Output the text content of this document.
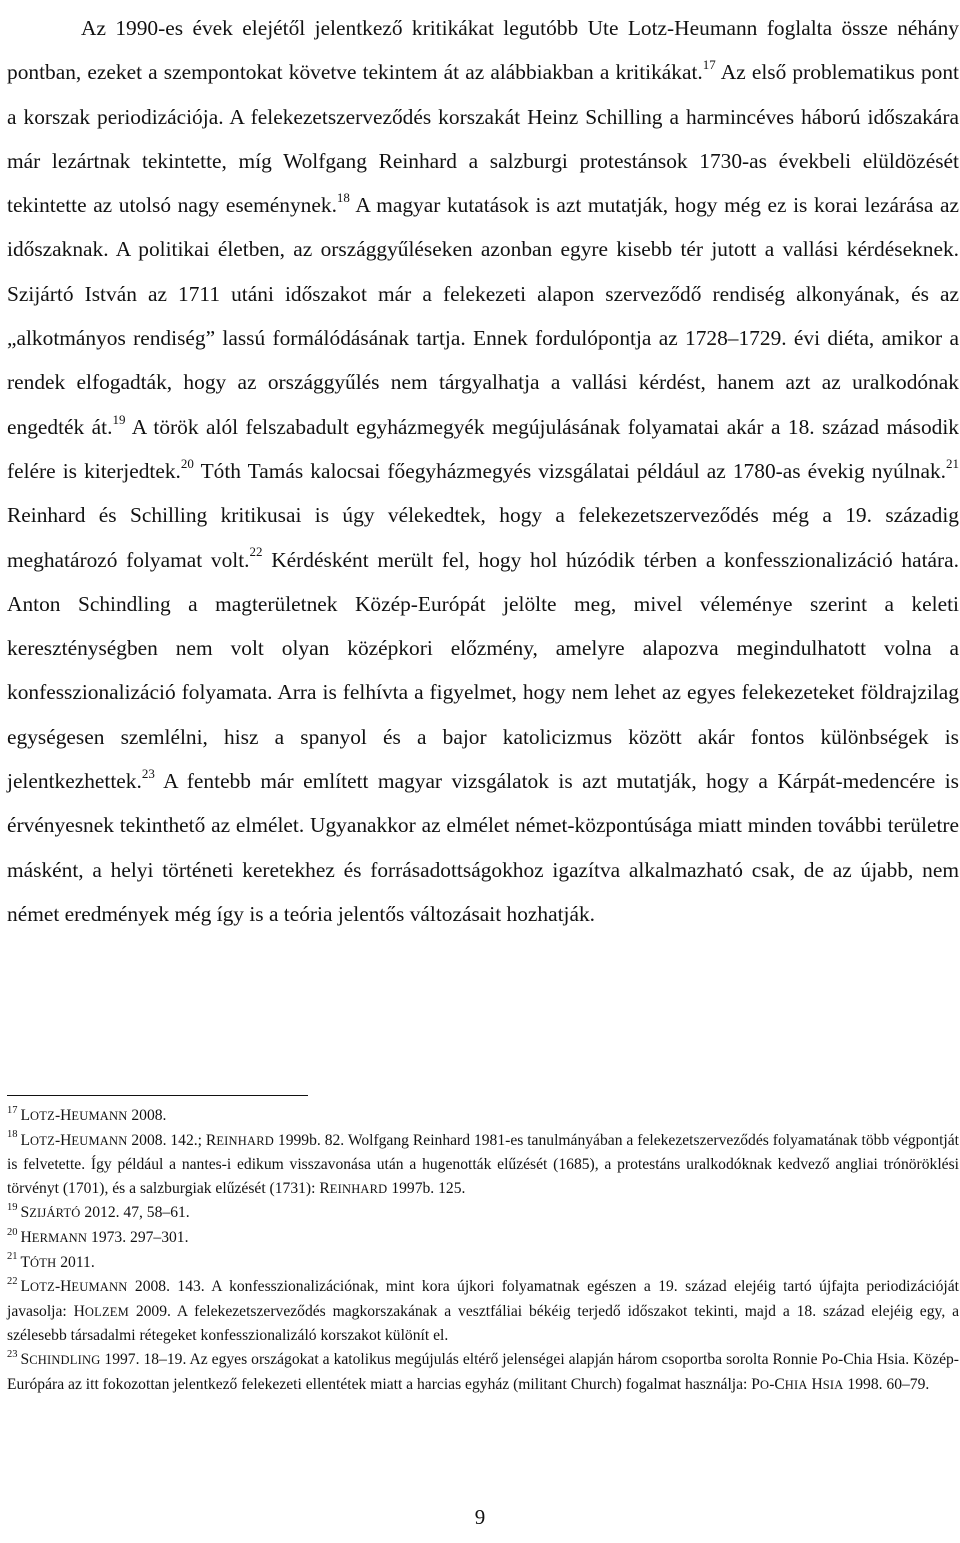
Az 1990-es évek elejétől jelentkező kritikákat legutóbb Ute Lotz-Heumann foglalta össze néhány pontban, ezeket a szempontokat követve tekintem át az alábbiakban a kritikákat.$^{17}$ Az első problematikus pont a korszak periodizációja. A felekezetszerveződés korszakát Heinz Schilling a harmincéves háború időszakára már lezártnak tekintette, míg Wolfgang Reinhard a salzburgi protestánsok 1730-as évekbeli elüldözését tekintette az utolsó nagy eseménynek.$^{18}$ A magyar kutatások is azt mutatják, hogy még ez is korai lezárása az időszaknak. A politikai életben, az országgyűléseken azonban egyre kisebb tér jutott a vallási kérdéseknek. Szijártó István az 1711 utáni időszakot már a felekezeti alapon szerveződő rendiség alkonyának, és az „alkotmányos rendiség” lassú formálódásának tartja. Ennek fordulópontja az 1728–1729. évi diéta, amikor a rendek elfogadták, hogy az országgyűlés nem tárgyalhatja a vallási kérdést, hanem azt az uralkodónak engedték át.$^{19}$ A török alól felszabadult egyházmegyék megújulásának folyamatai akár a 18. század második felére is kiterjedtek.$^{20}$ Tóth Tamás kalocsai főegyházmegyés vizsgálatai például az 1780-as évekig nyúlnak.$^{21}$ Reinhard és Schilling kritikusai is úgy vélekedtek, hogy a felekezetszerveződés még a 19. századig meghatározó folyamat volt.$^{22}$ Kérdésként merült fel, hogy hol húzódik térben a konfesszionalizáció határa. Anton Schindling a magterületnek Közép-Európát jelölte meg, mivel véleménye szerint a keleti kereszténységben nem volt olyan középkori előzmény, amelyre alapozva megindulhatott volna a konfesszionalizáció folyamata. Arra is felhívta a figyelmet, hogy nem lehet az egyes felekezeteket földrajzilag egységesen szemlélni, hisz a spanyol és a bajor katolicizmus között akár fontos különbségek is jelentkezhettek.$^{23}$ A fentebb már említett magyar vizsgálatok is azt mutatják, hogy a Kárpát-medencére is érvényesnek tekinthető az elmélet. Ugyanakkor az elmélet német-központúsága miatt minden további területre másként, a helyi történeti keretekhez és forrásadottságokhoz igazítva alkalmazható csak, de az újabb, nem német eredmények még így is a teória jelentős változásait hozhatják.

$^{17}$ LOTZ-HEUMANN 2008.

$^{18}$ LOTZ-HEUMANN 2008. 142.; REINHARD 1999b. 82. Wolfgang Reinhard 1981-es tanulmányában a felekezetszerveződés folyamatának több végpontját is felvetette. Így például a nantes-i edikum visszavonása után a hugenották elűzését (1685), a protestáns uralkodóknak kedvező angliai trónöröklési törvényt (1701), és a salzburgiak elűzését (1731): REINHARD 1997b. 125.

$^{19}$ SZIJÁRTÓ 2012. 47, 58–61.

$^{20}$ HERMANN 1973. 297–301.

$^{21}$ TÓTH 2011.

$^{22}$ LOTZ-HEUMANN 2008. 143. A konfesszionalizációnak, mint kora újkori folyamatnak egészen a 19. század elejéig tartó újfajta periodizációját javasolja: HOLZEM 2009. A felekezetszerveződés magkorszakának a vesztfáliai békéig terjedő időszakot tekinti, majd a 18. század elejéig egy, a szélesebb társadalmi rétegeket konfesszionalizáló korszakot különít el.

$^{23}$ SCHINDLING 1997. 18–19. Az egyes országokat a katolikus megújulás eltérő jelenségei alapján három csoportba sorolta Ronnie Po-Chia Hsia. Közép-Európára az itt fokozottan jelentkező felekezeti ellentétek miatt a harcias egyház (militant Church) fogalmat használja: PO-CHIA HSIA 1998. 60–79.

9
